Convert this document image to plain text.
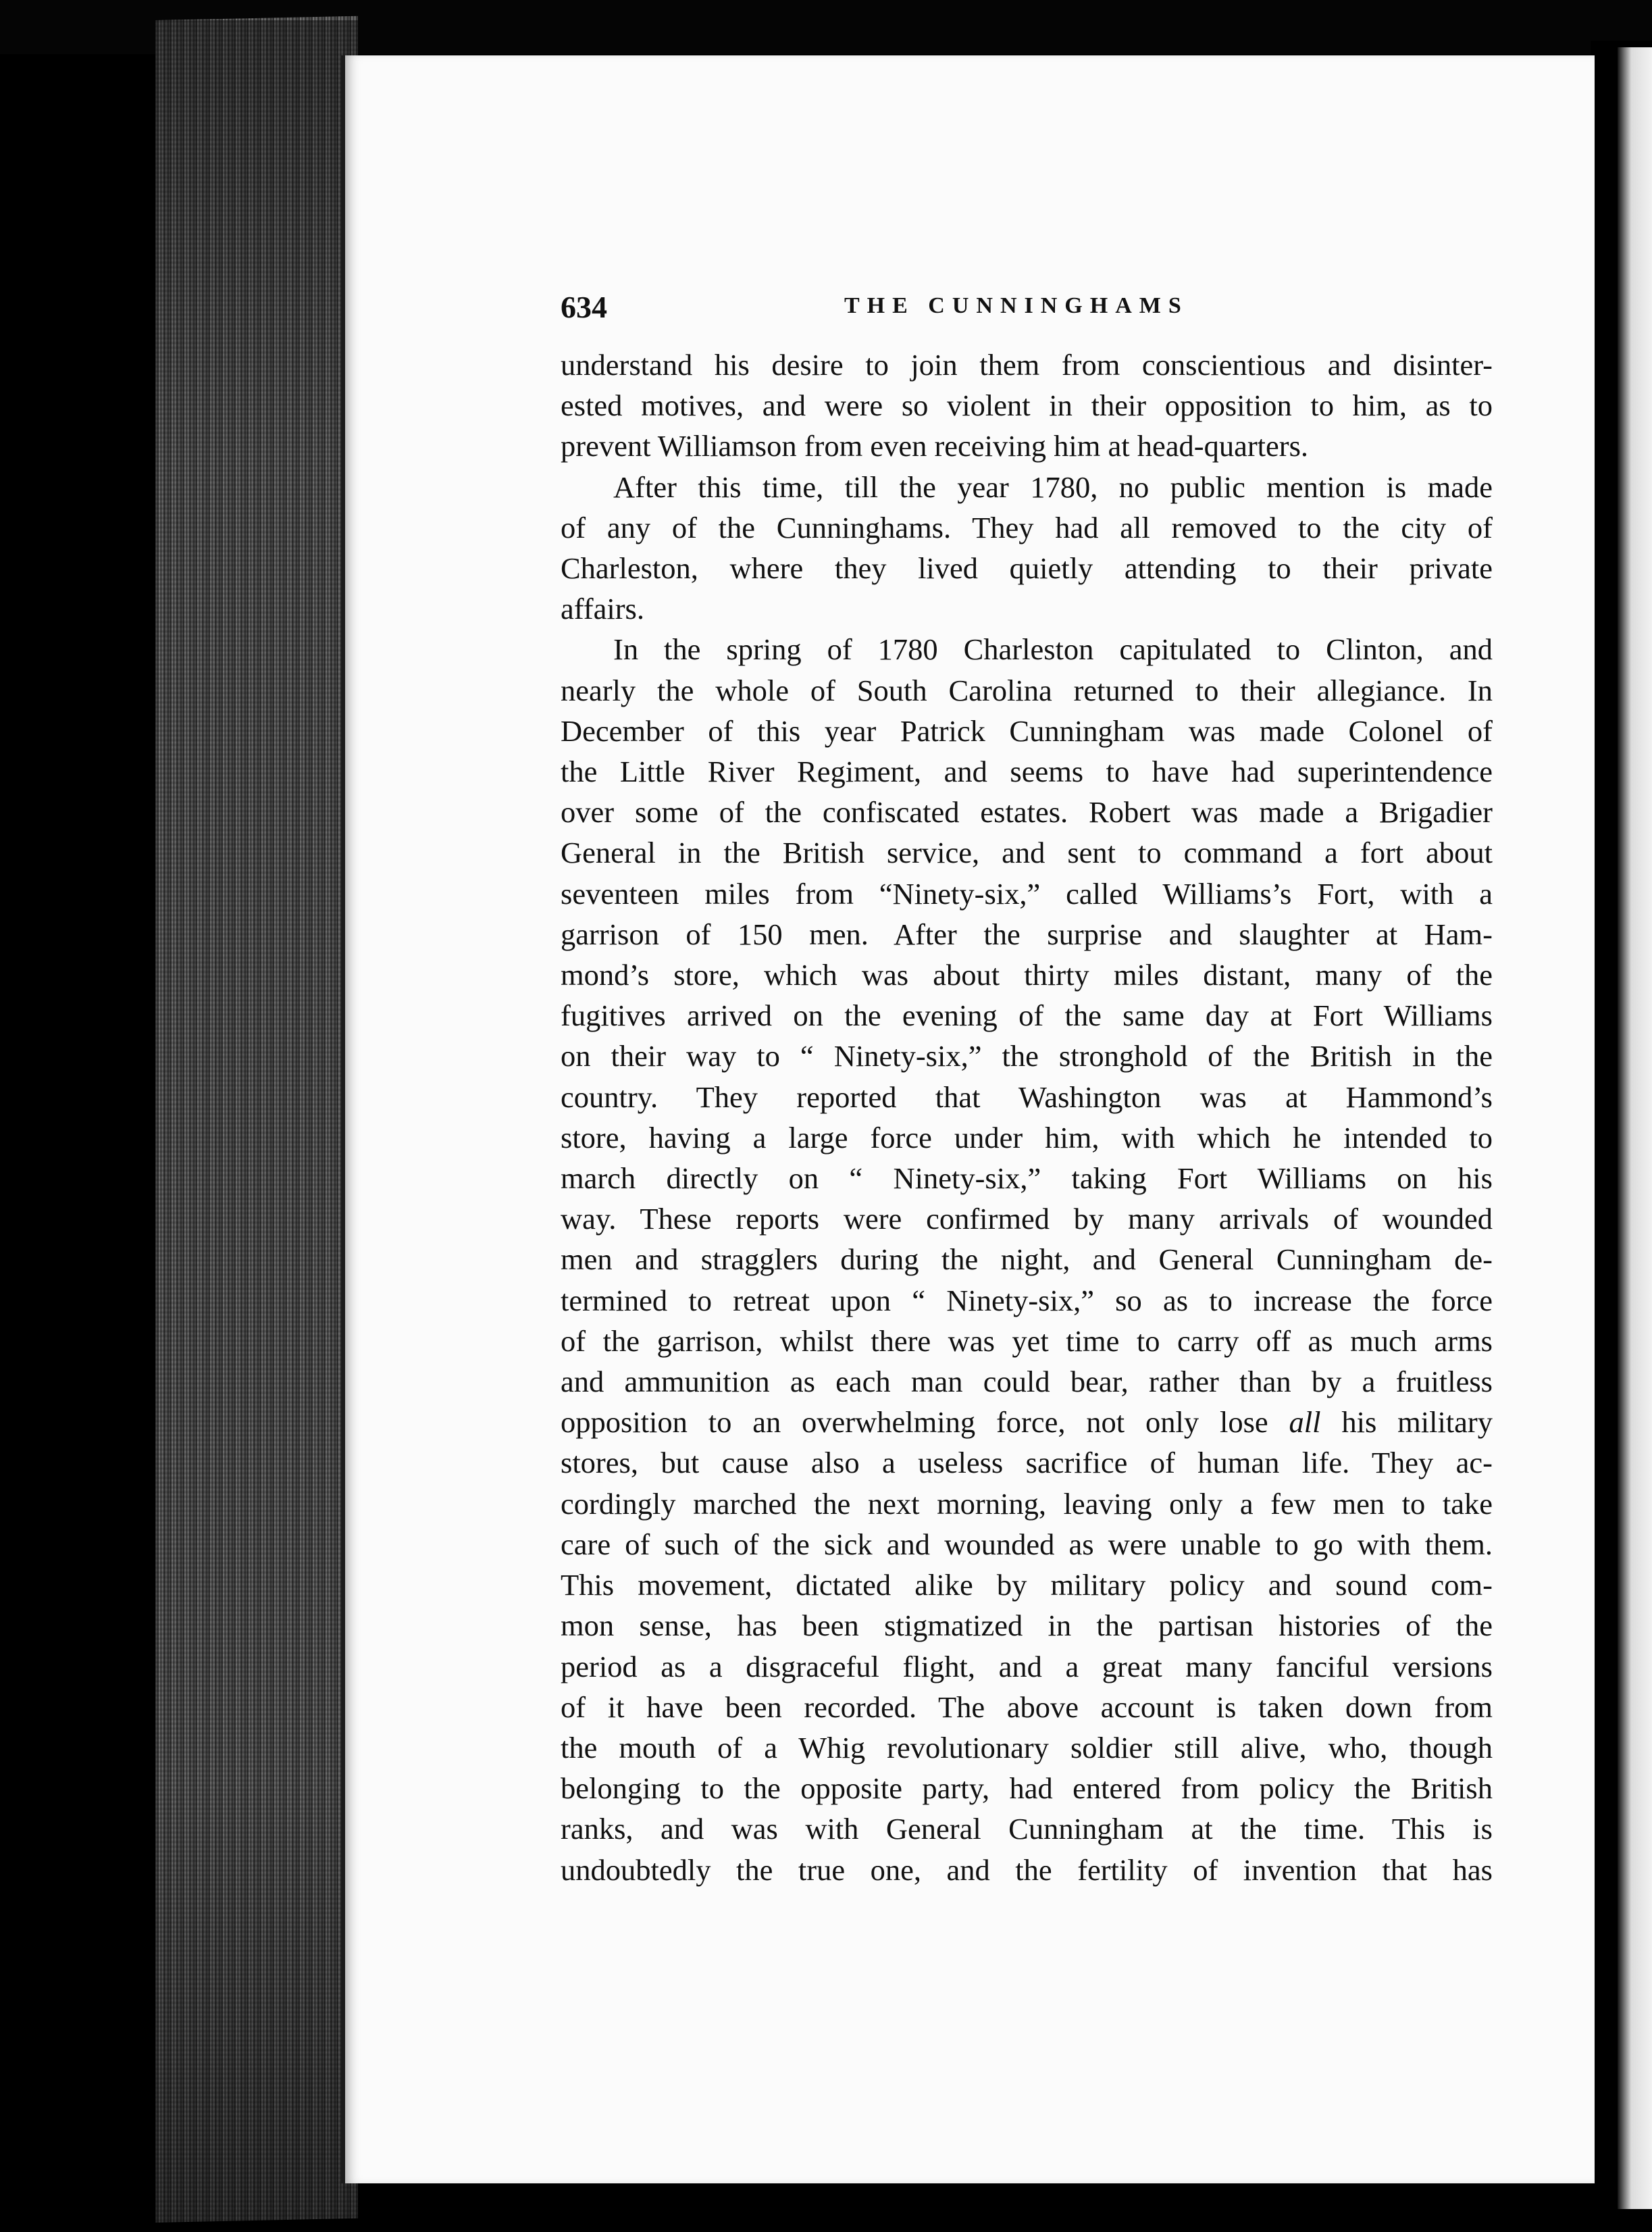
634	THE CUNNINGHAMS
understand his desire to join them from conscientious and disinter-
ested motives, and were so violent in their opposition to him, as to
prevent Williamson from even receiving him at head-quarters.
After this time, till the year 1780, no public mention is made
of any of the Cunninghams. They had all removed to the city of
Charleston, where they lived quietly attending to their private
affairs.
In the spring of 1780 Charleston capitulated to Clinton, and
nearly the whole of South Carolina returned to their allegiance. In
December of this year Patrick Cunningham was made Colonel of
the Little River Regiment, and seems to have had superintendence
over some of the confiscated estates. Robert was made a Brigadier
General in the British service, and sent to command a fort about
seventeen miles from “Ninety-six,” called Williams’s Fort, with a
garrison of 150 men. After the surprise and slaughter at Ham-
mond’s store, which was about thirty miles distant, many of the
fugitives arrived on the evening of the same day at Fort Williams
on their way to “ Ninety-six,” the stronghold of the British in the
country. They reported that Washington was at Hammond’s
store, having a large force under him, with which he intended to
march directly on “ Ninety-six,” taking Fort Williams on his
way. These reports were confirmed by many arrivals of wounded
men and stragglers during the night, and General Cunningham de-
termined to retreat upon “ Ninety-six,” so as to increase the force
of the garrison, whilst there was yet time to carry off as much arms
and ammunition as each man could bear, rather than by a fruitless
opposition to an overwhelming force, not only lose all his military
stores, but cause also a useless sacrifice of human life. They ac-
cordingly marched the next morning, leaving only a few men to take
care of such of the sick and wounded as were unable to go with them.
This movement, dictated alike by military policy and sound com-
mon sense, has been stigmatized in the partisan histories of the
period as a disgraceful flight, and a great many fanciful versions
of it have been recorded. The above account is taken down from
the mouth of a Whig revolutionary soldier still alive, who, though
belonging to the opposite party, had entered from policy the British
ranks, and was with General Cunningham at the time. This is
undoubtedly the true one, and the fertility of invention that has
